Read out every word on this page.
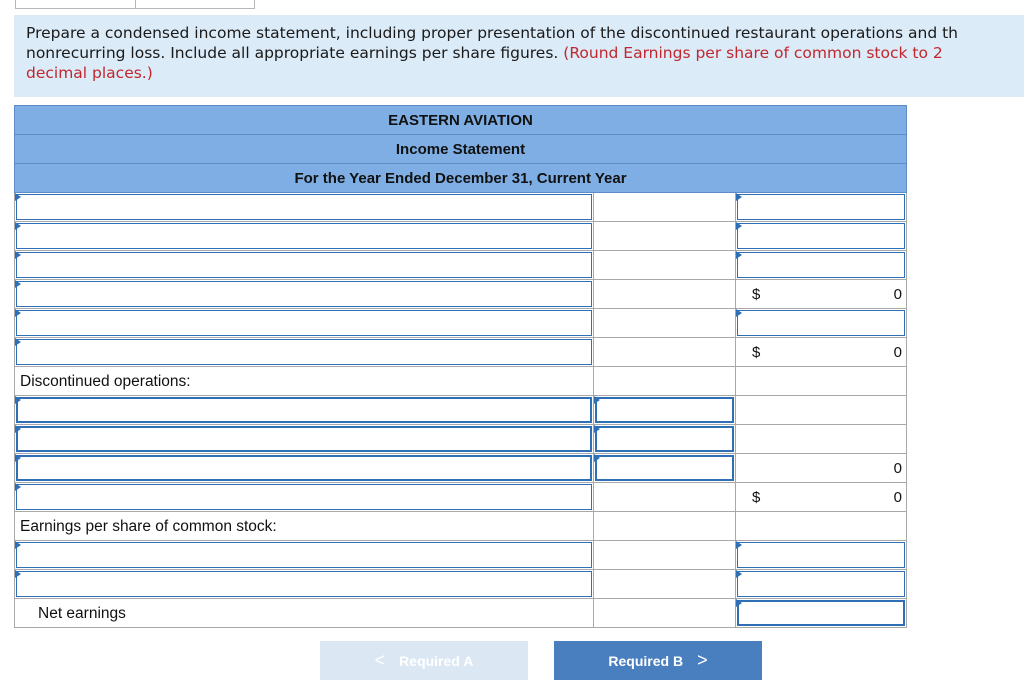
Prepare a condensed income statement, including proper presentation of the discontinued restaurant operations and th
nonrecurring loss. Include all appropriate earnings per share figures. (Round Earnings per share of common stock to 2
decimal places.)
EASTERN AVIATION		
Income Statement		
For the Year Ended December 31, Current Year		

		$ 0

		$ 0

Discontinued operations:		

		0

		$ 0

Earnings per share of common stock:		

Net earnings		

< Required A	Required B >
